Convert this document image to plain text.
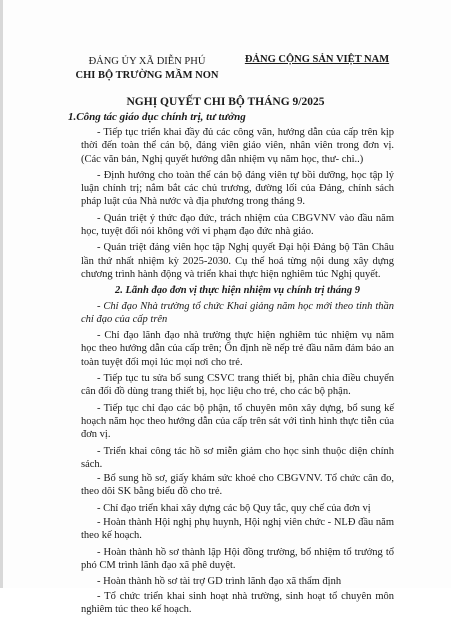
ĐẢNG ỦY XÃ DIỄN PHÚ
CHI BỘ TRƯỜNG MẦM NON
ĐẢNG CỘNG SẢN VIỆT NAM
NGHỊ QUYẾT CHI BỘ THÁNG 9/2025
1.Công tác giáo dục chính trị, tư tưởng

- Tiếp tục triển khai đầy đủ các công văn, hướng dẫn của cấp trên kịp thời đến toàn thể cán bộ, đảng viên giáo viên, nhân viên trong đơn vị. (Các văn bản, Nghị quyết hướng dẫn nhiệm vụ năm học, thư- chi..)

- Định hướng cho toàn thể cán bộ đảng viên tự bồi dưỡng, học tập lý luận chính trị; nắm bắt các chủ trương, đường lối của Đảng, chính sách pháp luật của Nhà nước và địa phương trong tháng 9.

- Quán triệt ý thức đạo đức, trách nhiệm của CBGVNV vào đầu năm học, tuyệt đối nói không với vi phạm đạo đức nhà giáo.

- Quán triệt đảng viên học tập Nghị quyết Đại hội Đảng bộ Tân Châu lần thứ nhất nhiệm kỳ 2025-2030. Cụ thể hoá từng nội dung xây dựng chương trình hành động và triển khai thực hiện nghiêm túc Nghị quyết.

2. Lãnh đạo đơn vị thực hiện nhiệm vụ chính trị tháng 9

- Chỉ đạo Nhà trường tổ chức Khai giảng năm học mới theo tinh thần chỉ đạo của cấp trên

- Chỉ đạo lãnh đạo nhà trường thực hiện nghiêm túc nhiệm vụ năm học theo hướng dẫn của cấp trên; Ổn định nề nếp trẻ đầu năm đảm bảo an toàn tuyệt đối mọi lúc mọi nơi cho trẻ.

- Tiếp tục tu sửa bổ sung CSVC trang thiết bị, phân chia điều chuyển cân đối đồ dùng trang thiết bị, học liệu cho trẻ, cho các bộ phận.

- Tiếp tục chỉ đạo các bộ phận, tổ chuyên môn xây dựng, bổ sung kế hoạch năm học theo hướng dẫn của cấp trên sát với tình hình thực tiễn của đơn vị.

- Triển khai công tác hồ sơ miễn giảm cho học sinh thuộc diện chính sách.

- Bổ sung hồ sơ, giấy khám sức khoẻ cho CBGVNV. Tổ chức cân đo, theo dõi SK bằng biểu đồ cho trẻ.

- Chỉ đạo triển khai xây dựng các bộ Quy tắc, quy chế của đơn vị

- Hoàn thành Hội nghị phụ huynh, Hội nghị viên chức - NLĐ đầu năm theo kế hoạch.

- Hoàn thành hồ sơ thành lập Hội đồng trường, bổ nhiệm tổ trưởng tổ phó CM trình lãnh đạo xã phê duyệt.

- Hoàn thành hồ sơ tài trợ GD trình lãnh đạo xã thẩm định

- Tổ chức triển khai sinh hoạt nhà trường, sinh hoạt tổ chuyên môn nghiêm túc theo kế hoạch.
